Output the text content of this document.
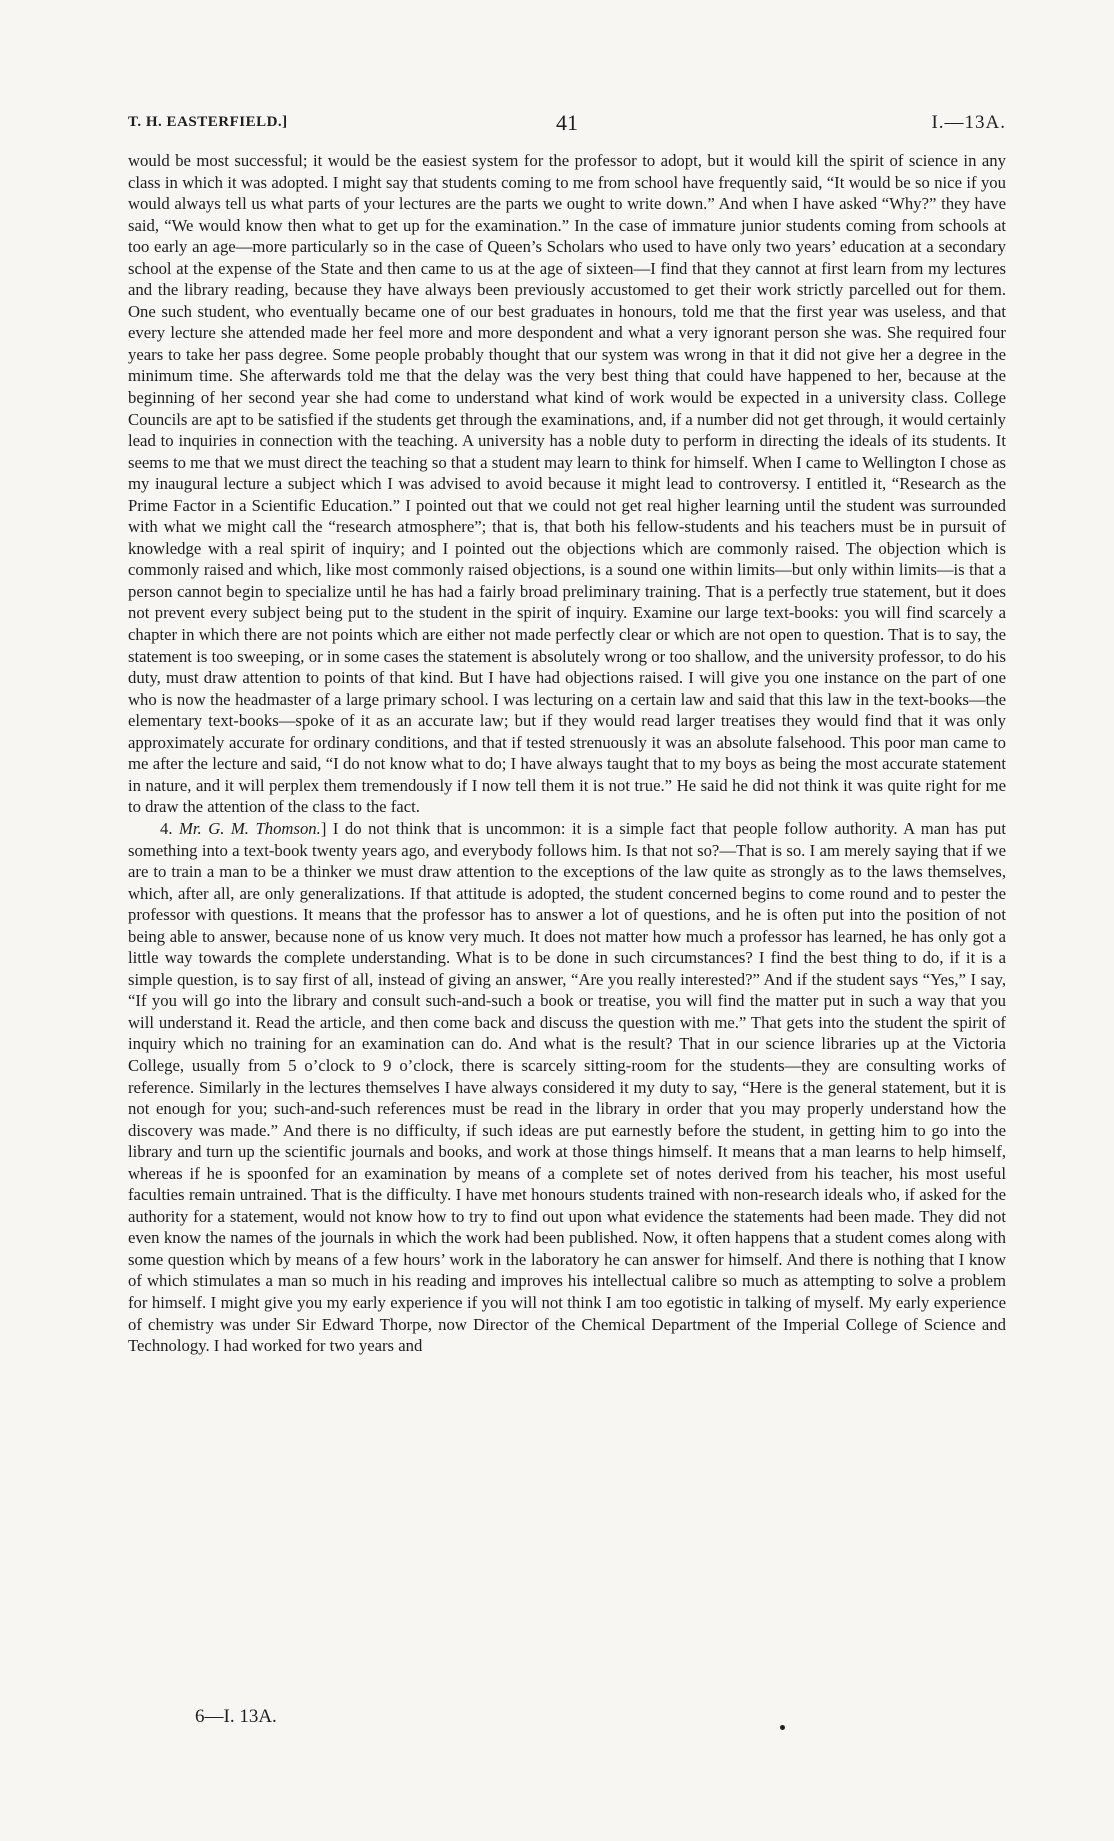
T. H. EASTERFIELD.]	41	I.—13A.

would be most successful; it would be the easiest system for the professor to adopt, but it would kill the spirit of science in any class in which it was adopted. I might say that students coming to me from school have frequently said, “It would be so nice if you would always tell us what parts of your lectures are the parts we ought to write down.” And when I have asked “Why?” they have said, “We would know then what to get up for the examination.” In the case of immature junior students coming from schools at too early an age—more particularly so in the case of Queen’s Scholars who used to have only two years’ education at a secondary school at the expense of the State and then came to us at the age of sixteen—I find that they cannot at first learn from my lectures and the library reading, because they have always been previously accustomed to get their work strictly parcelled out for them. One such student, who eventually became one of our best graduates in honours, told me that the first year was useless, and that every lecture she attended made her feel more and more despondent and what a very ignorant person she was. She required four years to take her pass degree. Some people probably thought that our system was wrong in that it did not give her a degree in the minimum time. She afterwards told me that the delay was the very best thing that could have happened to her, because at the beginning of her second year she had come to understand what kind of work would be expected in a university class. College Councils are apt to be satisfied if the students get through the examinations, and, if a number did not get through, it would certainly lead to inquiries in connection with the teaching. A university has a noble duty to perform in directing the ideals of its students. It seems to me that we must direct the teaching so that a student may learn to think for himself. When I came to Wellington I chose as my inaugural lecture a subject which I was advised to avoid because it might lead to controversy. I entitled it, “Research as the Prime Factor in a Scientific Education.” I pointed out that we could not get real higher learning until the student was surrounded with what we might call the “research atmosphere”; that is, that both his fellow-students and his teachers must be in pursuit of knowledge with a real spirit of inquiry; and I pointed out the objections which are commonly raised. The objection which is commonly raised and which, like most commonly raised objections, is a sound one within limits—but only within limits—is that a person cannot begin to specialize until he has had a fairly broad preliminary training. That is a perfectly true statement, but it does not prevent every subject being put to the student in the spirit of inquiry. Examine our large text-books: you will find scarcely a chapter in which there are not points which are either not made perfectly clear or which are not open to question. That is to say, the statement is too sweeping, or in some cases the statement is absolutely wrong or too shallow, and the university professor, to do his duty, must draw attention to points of that kind. But I have had objections raised. I will give you one instance on the part of one who is now the headmaster of a large primary school. I was lecturing on a certain law and said that this law in the text-books—the elementary text-books—spoke of it as an accurate law; but if they would read larger treatises they would find that it was only approximately accurate for ordinary conditions, and that if tested strenuously it was an absolute falsehood. This poor man came to me after the lecture and said, “I do not know what to do; I have always taught that to my boys as being the most accurate statement in nature, and it will perplex them tremendously if I now tell them it is not true.” He said he did not think it was quite right for me to draw the attention of the class to the fact.

4. Mr. G. M. Thomson.] I do not think that is uncommon: it is a simple fact that people follow authority. A man has put something into a text-book twenty years ago, and everybody follows him. Is that not so?—That is so. I am merely saying that if we are to train a man to be a thinker we must draw attention to the exceptions of the law quite as strongly as to the laws themselves, which, after all, are only generalizations. If that attitude is adopted, the student concerned begins to come round and to pester the professor with questions. It means that the professor has to answer a lot of questions, and he is often put into the position of not being able to answer, because none of us know very much. It does not matter how much a professor has learned, he has only got a little way towards the complete understanding. What is to be done in such circumstances? I find the best thing to do, if it is a simple question, is to say first of all, instead of giving an answer, “Are you really interested?” And if the student says “Yes,” I say, “If you will go into the library and consult such-and-such a book or treatise, you will find the matter put in such a way that you will understand it. Read the article, and then come back and discuss the question with me.” That gets into the student the spirit of inquiry which no training for an examination can do. And what is the result? That in our science libraries up at the Victoria College, usually from 5 o’clock to 9 o’clock, there is scarcely sitting-room for the students—they are consulting works of reference. Similarly in the lectures themselves I have always considered it my duty to say, “Here is the general statement, but it is not enough for you; such-and-such references must be read in the library in order that you may properly understand how the discovery was made.” And there is no difficulty, if such ideas are put earnestly before the student, in getting him to go into the library and turn up the scientific journals and books, and work at those things himself. It means that a man learns to help himself, whereas if he is spoonfed for an examination by means of a complete set of notes derived from his teacher, his most useful faculties remain untrained. That is the difficulty. I have met honours students trained with non-research ideals who, if asked for the authority for a statement, would not know how to try to find out upon what evidence the statements had been made. They did not even know the names of the journals in which the work had been published. Now, it often happens that a student comes along with some question which by means of a few hours’ work in the laboratory he can answer for himself. And there is nothing that I know of which stimulates a man so much in his reading and improves his intellectual calibre so much as attempting to solve a problem for himself. I might give you my early experience if you will not think I am too egotistic in talking of myself. My early experience of chemistry was under Sir Edward Thorpe, now Director of the Chemical Department of the Imperial College of Science and Technology. I had worked for two years and

6—I. 13A.
